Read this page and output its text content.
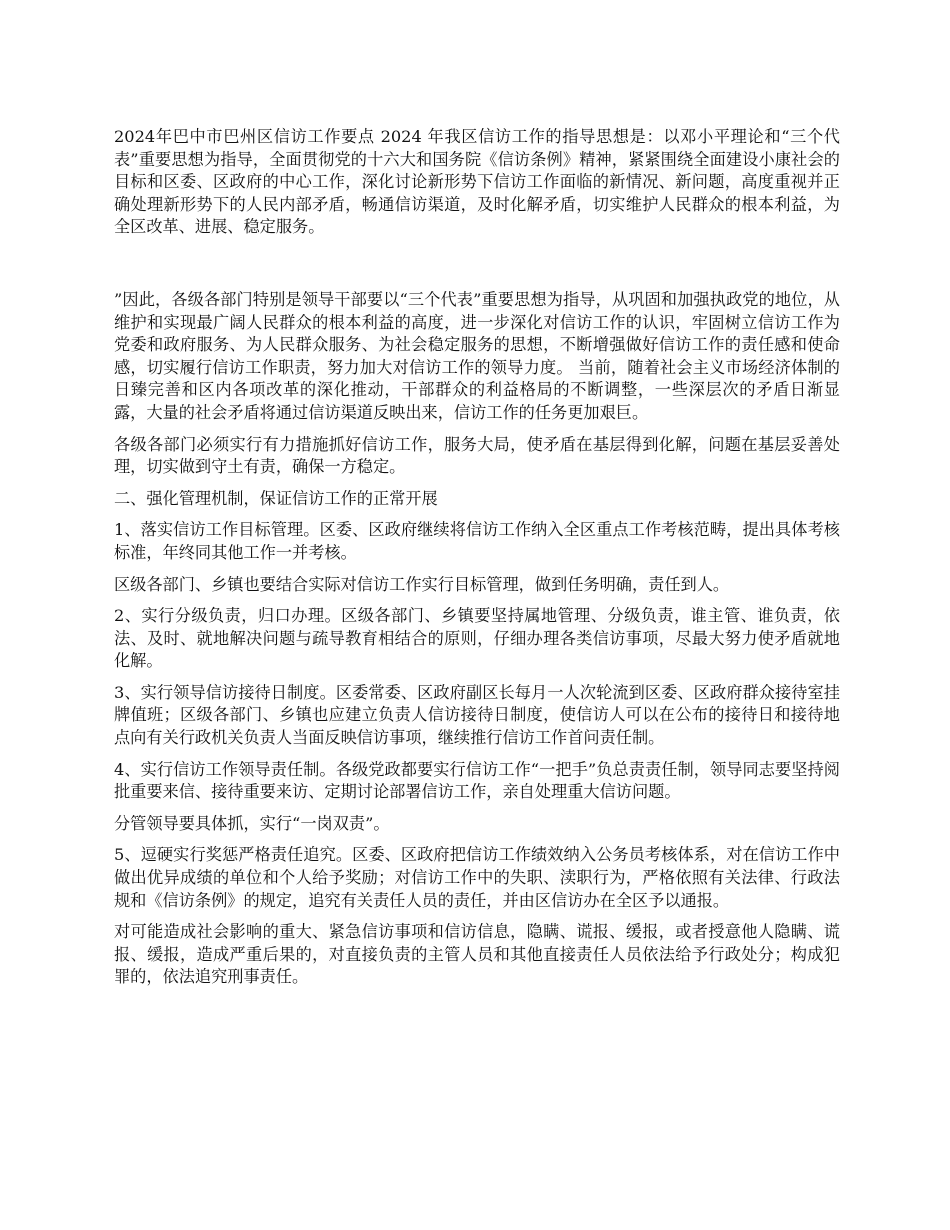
2024年巴中市巴州区信访工作要点 2024 年我区信访工作的指导思想是：以邓小平理论和“三个代表”重要思想为指导，全面贯彻党的十六大和国务院《信访条例》精神，紧紧围绕全面建设小康社会的目标和区委、区政府的中心工作，深化讨论新形势下信访工作面临的新情况、新问题，高度重视并正确处理新形势下的人民内部矛盾，畅通信访渠道，及时化解矛盾，切实维护人民群众的根本利益，为全区改革、进展、稳定服务。

”因此，各级各部门特别是领导干部要以“三个代表”重要思想为指导，从巩固和加强执政党的地位，从维护和实现最广阔人民群众的根本利益的高度，进一步深化对信访工作的认识，牢固树立信访工作为党委和政府服务、为人民群众服务、为社会稳定服务的思想，不断增强做好信访工作的责任感和使命感，切实履行信访工作职责，努力加大对信访工作的领导力度。 当前，随着社会主义市场经济体制的日臻完善和区内各项改革的深化推动，干部群众的利益格局的不断调整，一些深层次的矛盾日渐显露，大量的社会矛盾将通过信访渠道反映出来，信访工作的任务更加艰巨。

各级各部门必须实行有力措施抓好信访工作，服务大局，使矛盾在基层得到化解，问题在基层妥善处理，切实做到守土有责，确保一方稳定。

二、强化管理机制，保证信访工作的正常开展

1、落实信访工作目标管理。区委、区政府继续将信访工作纳入全区重点工作考核范畴，提出具体考核标准，年终同其他工作一并考核。

区级各部门、乡镇也要结合实际对信访工作实行目标管理，做到任务明确，责任到人。

2、实行分级负责，归口办理。区级各部门、乡镇要坚持属地管理、分级负责，谁主管、谁负责，依法、及时、就地解决问题与疏导教育相结合的原则，仔细办理各类信访事项，尽最大努力使矛盾就地化解。

3、实行领导信访接待日制度。区委常委、区政府副区长每月一人次轮流到区委、区政府群众接待室挂牌值班；区级各部门、乡镇也应建立负责人信访接待日制度，使信访人可以在公布的接待日和接待地点向有关行政机关负责人当面反映信访事项，继续推行信访工作首问责任制。

4、实行信访工作领导责任制。各级党政都要实行信访工作“一把手”负总责责任制，领导同志要坚持阅批重要来信、接待重要来访、定期讨论部署信访工作，亲自处理重大信访问题。

分管领导要具体抓，实行“一岗双责”。

5、逗硬实行奖惩严格责任追究。区委、区政府把信访工作绩效纳入公务员考核体系，对在信访工作中做出优异成绩的单位和个人给予奖励；对信访工作中的失职、渎职行为，严格依照有关法律、行政法规和《信访条例》的规定，追究有关责任人员的责任，并由区信访办在全区予以通报。

对可能造成社会影响的重大、紧急信访事项和信访信息，隐瞒、谎报、缓报，或者授意他人隐瞒、谎报、缓报，造成严重后果的，对直接负责的主管人员和其他直接责任人员依法给予行政处分；构成犯罪的，依法追究刑事责任。
